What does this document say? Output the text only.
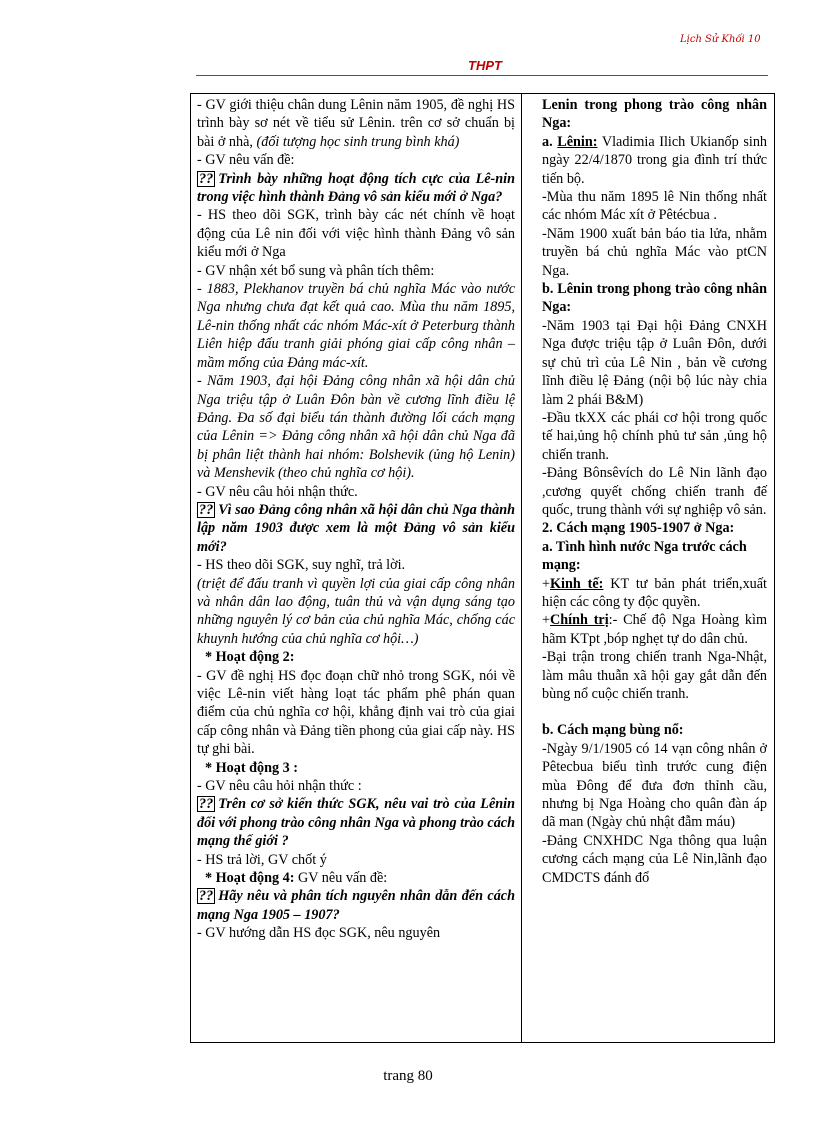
Lịch Sử Khối 10
THPT

- GV giới thiệu chân dung Lênin năm 1905, đề nghị HS trình bày sơ nét về tiểu sử Lênin. trên cơ sở chuẩn bị bài ở nhà, (đối tượng học sinh trung bình khá)

- GV nêu vấn đề:

?? Trình bày những hoạt động tích cực của Lê-nin trong việc hình thành Đảng vô sản kiểu mới ở Nga?

- HS theo dõi SGK, trình bày các nét chính về hoạt động của Lê nin đối với việc hình thành Đảng vô sản kiểu mới ở Nga

- GV nhận xét bổ sung và phân tích thêm:

- 1883, Plekhanov truyền bá chủ nghĩa Mác vào nước Nga nhưng chưa đạt kết quả cao. Mùa thu năm 1895, Lê-nin thống nhất các nhóm Mác-xít ở Peterburg thành Liên hiệp đấu tranh giải phóng giai cấp công nhân – mầm mống của Đảng mác-xít.

- Năm 1903, đại hội Đảng công nhân xã hội dân chủ Nga triệu tập ở Luân Đôn bàn về cương lĩnh điều lệ Đảng. Đa số đại biểu tán thành đường lối cách mạng của Lênin => Đảng công nhân xã hội dân chủ Nga đã bị phân liệt thành hai nhóm: Bolshevik (ủng hộ Lenin) và Menshevik (theo chủ nghĩa cơ hội).

- GV nêu câu hỏi nhận thức.

?? Vì sao Đảng công nhân xã hội dân chủ Nga thành lập năm 1903 được xem là một Đảng vô sản kiểu mới?

- HS theo dõi SGK, suy nghĩ, trả lời.

(triệt để đấu tranh vì quyền lợi của giai cấp công nhân và nhân dân lao động, tuân thủ và vận dụng sáng tạo những nguyên lý cơ bản của chủ nghĩa Mác, chống các khuynh hướng của chủ nghĩa cơ hội…)

* Hoạt động 2:

- GV đề nghị HS đọc đoạn chữ nhỏ trong SGK, nói về việc Lê-nin viết hàng loạt tác phẩm phê phán quan điểm của chủ nghĩa cơ hội, khẳng định vai trò của giai cấp công nhân và Đảng tiền phong của giai cấp này. HS tự ghi bài.

* Hoạt động 3 :

- GV nêu câu hỏi nhận thức :

?? Trên cơ sở kiến thức SGK, nêu vai trò của Lênin đối với phong trào công nhân Nga và phong trào cách mạng thế giới ?

- HS trả lời, GV chốt ý

* Hoạt động 4: GV nêu vấn đề:

?? Hãy nêu và phân tích nguyên nhân dẫn đến cách mạng Nga 1905 – 1907?

- GV hướng dẫn HS đọc SGK, nêu nguyên

Lenin trong phong trào công nhân Nga:

a. Lênin: Vladimia Ilich Ukianốp sinh ngày 22/4/1870 trong gia đình trí thức tiến bộ.

-Mùa thu năm 1895 lê Nin thống nhất các nhóm Mác xít ở Pêtécbua .

-Năm 1900 xuất bản báo tia lửa, nhằm truyền bá chủ nghĩa Mác vào ptCN Nga.

b. Lênin trong phong trào công nhân Nga:

-Năm 1903 tại Đại hội Đảng CNXH Nga được triệu tập ở Luân Đôn, dưới sự chủ trì của Lê Nin , bản về cương lĩnh điều lệ Đảng (nội bộ lúc này chia làm 2 phái B&M)

-Đầu tkXX các phái cơ hội trong quốc tế hai,ủng hộ chính phủ tư sản ,ủng hộ chiến tranh.

-Đảng Bônsêvích do Lê Nin lãnh đạo ,cương quyết chống chiến tranh đế quốc, trung thành với sự nghiệp vô sản.

2. Cách mạng 1905-1907 ở Nga:

a. Tình hình nước Nga trước cách mạng:

+Kinh tế: KT tư bản phát triển,xuất hiện các công ty độc quyền.

+Chính trị:- Chế độ Nga Hoàng kìm hãm KTpt ,bóp nghẹt tự do dân chủ.

-Bại trận trong chiến tranh Nga-Nhật, làm mâu thuẫn xã hội gay gắt dẫn đến bùng nổ cuộc chiến tranh.

b. Cách mạng bùng nổ:

-Ngày 9/1/1905 có 14 vạn công nhân ở Pêtecbua biểu tình trước cung điện mùa Đông để đưa đơn thỉnh cầu, nhưng bị Nga Hoàng cho quân đàn áp dã man (Ngày chủ nhật đẫm máu)

-Đảng CNXHDC Nga thông qua luận cương cách mạng của Lê Nin,lãnh đạo CMDCTS đánh đổ

trang 80
